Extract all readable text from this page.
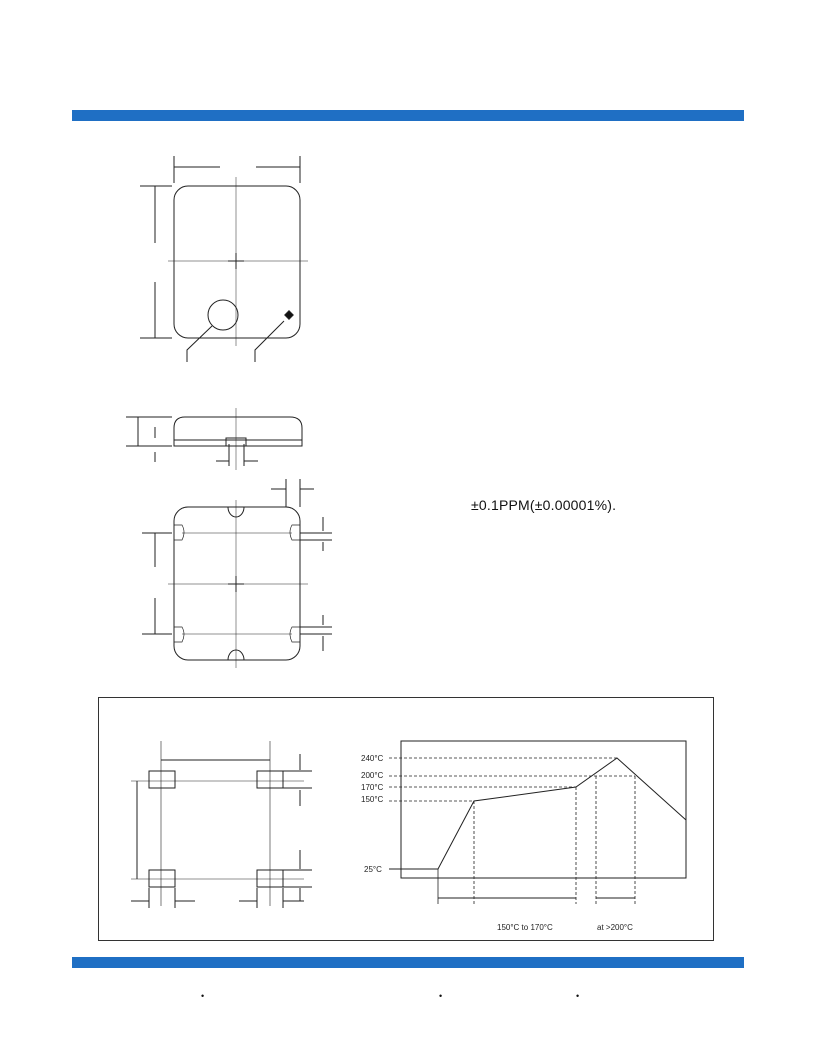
±0.1PPM(±0.00001%).
240°C
200°C
170°C
150°C
25°C
150°C to 170°C	at >200°C
•	•	•
